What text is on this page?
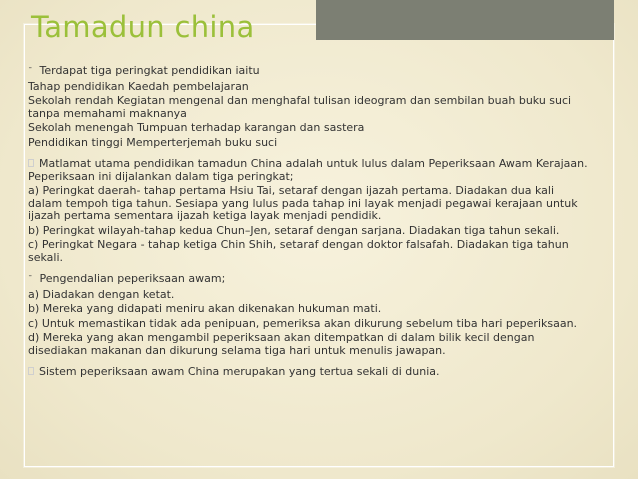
Tamadun china

¯ Terdapat tiga peringkat pendidikan iaitu

Tahap pendidikan Kaedah pembelajaran

Sekolah rendah Kegiatan mengenal dan menghafal tulisan ideogram dan sembilan buah buku suci tanpa memahami maknanya

Sekolah menengah Tumpuan terhadap karangan dan sastera

Pendidikan tinggi Memperterjemah buku suci

Matlamat utama pendidikan tamadun China adalah untuk lulus dalam Peperiksaan Awam Kerajaan. Peperiksaan ini dijalankan dalam tiga peringkat;

a) Peringkat daerah- tahap pertama Hsiu Tai, setaraf dengan ijazah pertama. Diadakan dua kali dalam tempoh tiga tahun. Sesiapa yang lulus pada tahap ini layak menjadi pegawai kerajaan untuk ijazah pertama sementara ijazah ketiga layak menjadi pendidik.

b) Peringkat wilayah-tahap kedua Chun–Jen, setaraf dengan sarjana. Diadakan tiga tahun sekali.

c) Peringkat Negara - tahap ketiga Chin Shih, setaraf dengan doktor falsafah. Diadakan tiga tahun sekali.

¯ Pengendalian peperiksaan awam;

a) Diadakan dengan ketat.

b) Mereka yang didapati meniru akan dikenakan hukuman mati.

c) Untuk memastikan tidak ada penipuan, pemeriksa akan dikurung sebelum tiba hari peperiksaan.

d) Mereka yang akan mengambil peperiksaan akan ditempatkan di dalam bilik kecil dengan disediakan makanan dan dikurung selama tiga hari untuk menulis jawapan.

Sistem peperiksaan awam China merupakan yang tertua sekali di dunia.
